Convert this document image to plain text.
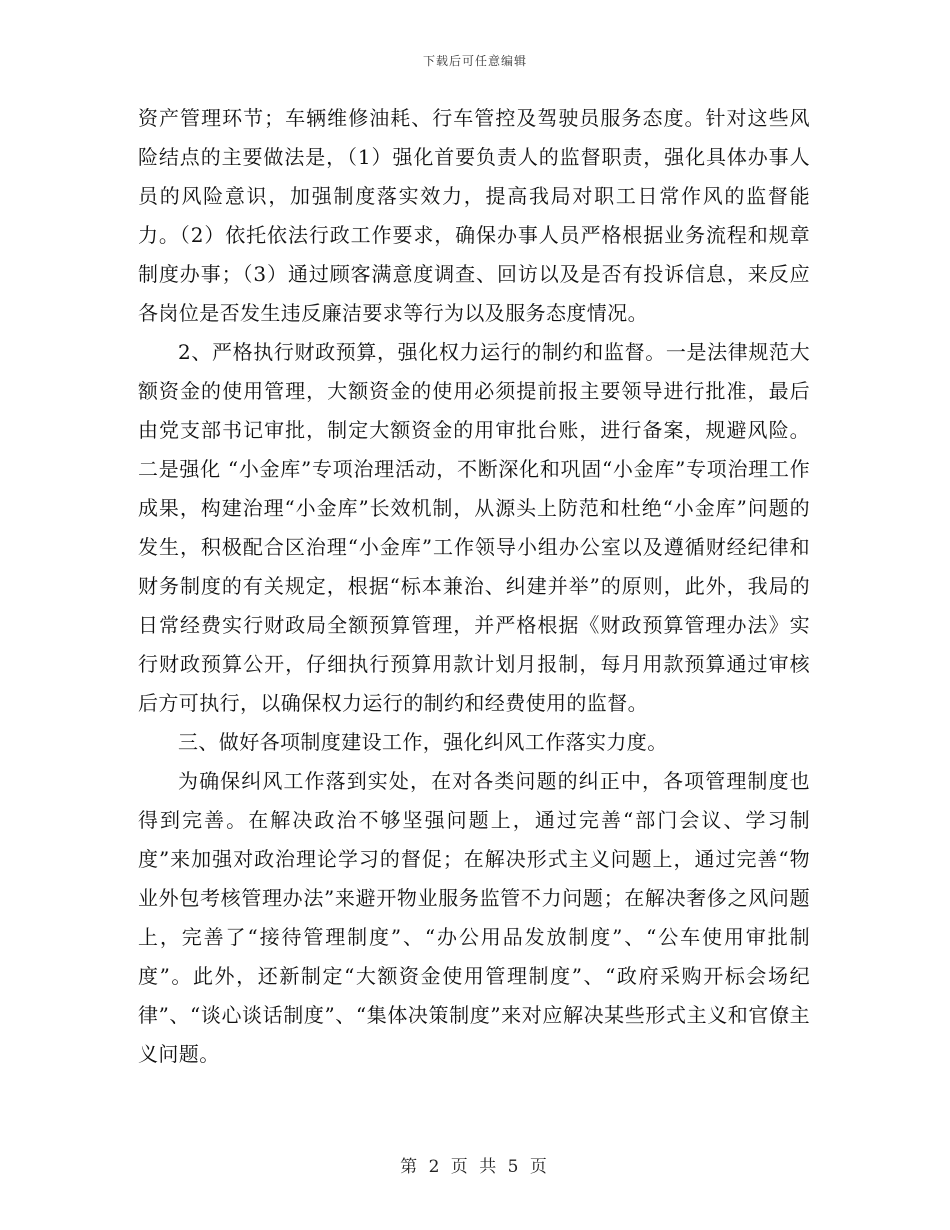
下载后可任意编辑

资产管理环节；车辆维修油耗、行车管控及驾驶员服务态度。针对这些风险结点的主要做法是，（1）强化首要负责人的监督职责，强化具体办事人员的风险意识，加强制度落实效力，提高我局对职工日常作风的监督能力。（2）依托依法行政工作要求，确保办事人员严格根据业务流程和规章制度办事；（3）通过顾客满意度调查、回访以及是否有投诉信息，来反应各岗位是否发生违反廉洁要求等行为以及服务态度情况。

2、严格执行财政预算，强化权力运行的制约和监督。一是法律规范大额资金的使用管理，大额资金的使用必须提前报主要领导进行批准，最后由党支部书记审批，制定大额资金的用审批台账，进行备案，规避风险。二是强化 “小金库”专项治理活动，不断深化和巩固“小金库”专项治理工作成果，构建治理“小金库”长效机制，从源头上防范和杜绝“小金库”问题的发生，积极配合区治理“小金库”工作领导小组办公室以及遵循财经纪律和财务制度的有关规定，根据“标本兼治、纠建并举”的原则，此外，我局的日常经费实行财政局全额预算管理，并严格根据《财政预算管理办法》实行财政预算公开，仔细执行预算用款计划月报制，每月用款预算通过审核后方可执行，以确保权力运行的制约和经费使用的监督。

三、做好各项制度建设工作，强化纠风工作落实力度。

为确保纠风工作落到实处，在对各类问题的纠正中，各项管理制度也得到完善。在解决政治不够坚强问题上，通过完善“部门会议、学习制度”来加强对政治理论学习的督促；在解决形式主义问题上，通过完善“物业外包考核管理办法”来避开物业服务监管不力问题；在解决奢侈之风问题上，完善了“接待管理制度”、“办公用品发放制度”、“公车使用审批制度”。此外，还新制定“大额资金使用管理制度”、“政府采购开标会场纪律”、“谈心谈话制度”、“集体决策制度”来对应解决某些形式主义和官僚主义问题。

第 2 页 共 5 页
